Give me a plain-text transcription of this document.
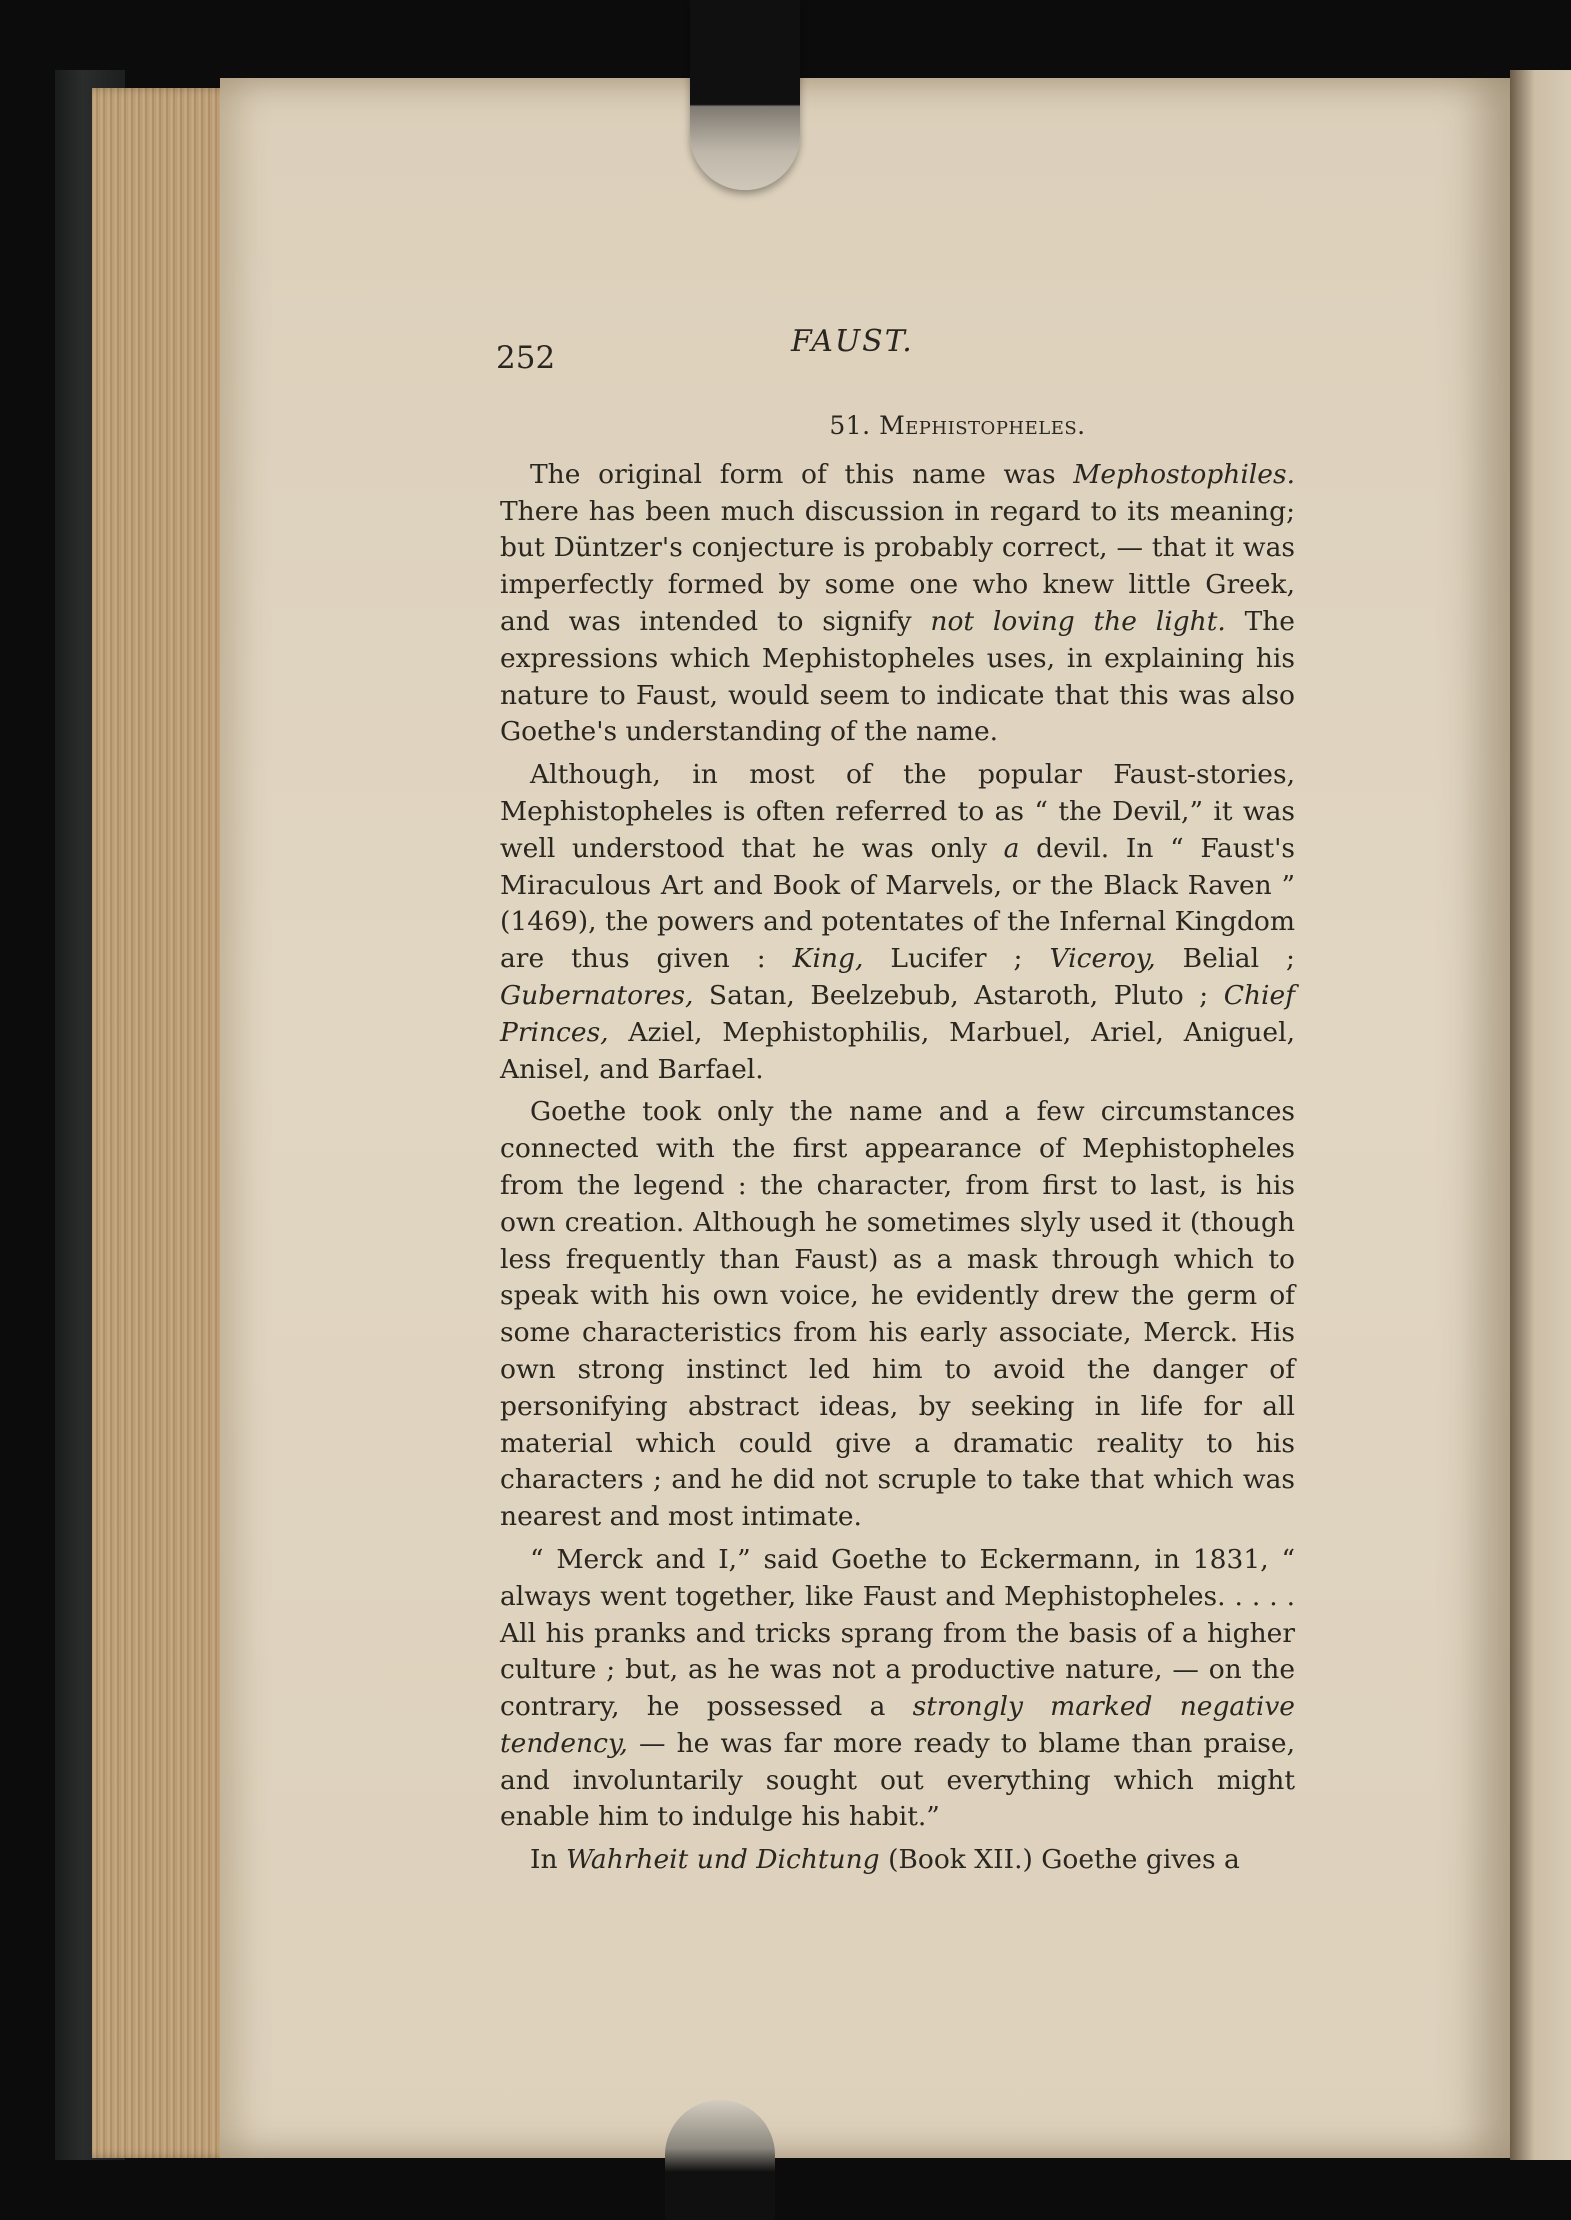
252	FAUST.
51. Mephistopheles.

The original form of this name was Mephostophiles. There has been much discussion in regard to its meaning; but Düntzer's conjecture is probably correct, — that it was imperfectly formed by some one who knew little Greek, and was intended to signify not loving the light. The expressions which Mephistopheles uses, in explaining his nature to Faust, would seem to indicate that this was also Goethe's understanding of the name.

Although, in most of the popular Faust-stories, Mephistopheles is often referred to as “ the Devil,” it was well understood that he was only a devil. In “ Faust's Miraculous Art and Book of Marvels, or the Black Raven ” (1469), the powers and potentates of the Infernal Kingdom are thus given : King, Lucifer ; Viceroy, Belial ; Gubernatores, Satan, Beelzebub, Astaroth, Pluto ; Chief Princes, Aziel, Mephistophilis, Marbuel, Ariel, Aniguel, Anisel, and Barfael.

Goethe took only the name and a few circumstances connected with the first appearance of Mephistopheles from the legend : the character, from first to last, is his own creation. Although he sometimes slyly used it (though less frequently than Faust) as a mask through which to speak with his own voice, he evidently drew the germ of some characteristics from his early associate, Merck. His own strong instinct led him to avoid the danger of personifying abstract ideas, by seeking in life for all material which could give a dramatic reality to his characters ; and he did not scruple to take that which was nearest and most intimate.

“ Merck and I,” said Goethe to Eckermann, in 1831, “ always went together, like Faust and Mephistopheles. . . . . All his pranks and tricks sprang from the basis of a higher culture ; but, as he was not a productive nature, — on the contrary, he possessed a strongly marked negative tendency, — he was far more ready to blame than praise, and involuntarily sought out everything which might enable him to indulge his habit.”

In Wahrheit und Dichtung (Book XII.) Goethe gives a
